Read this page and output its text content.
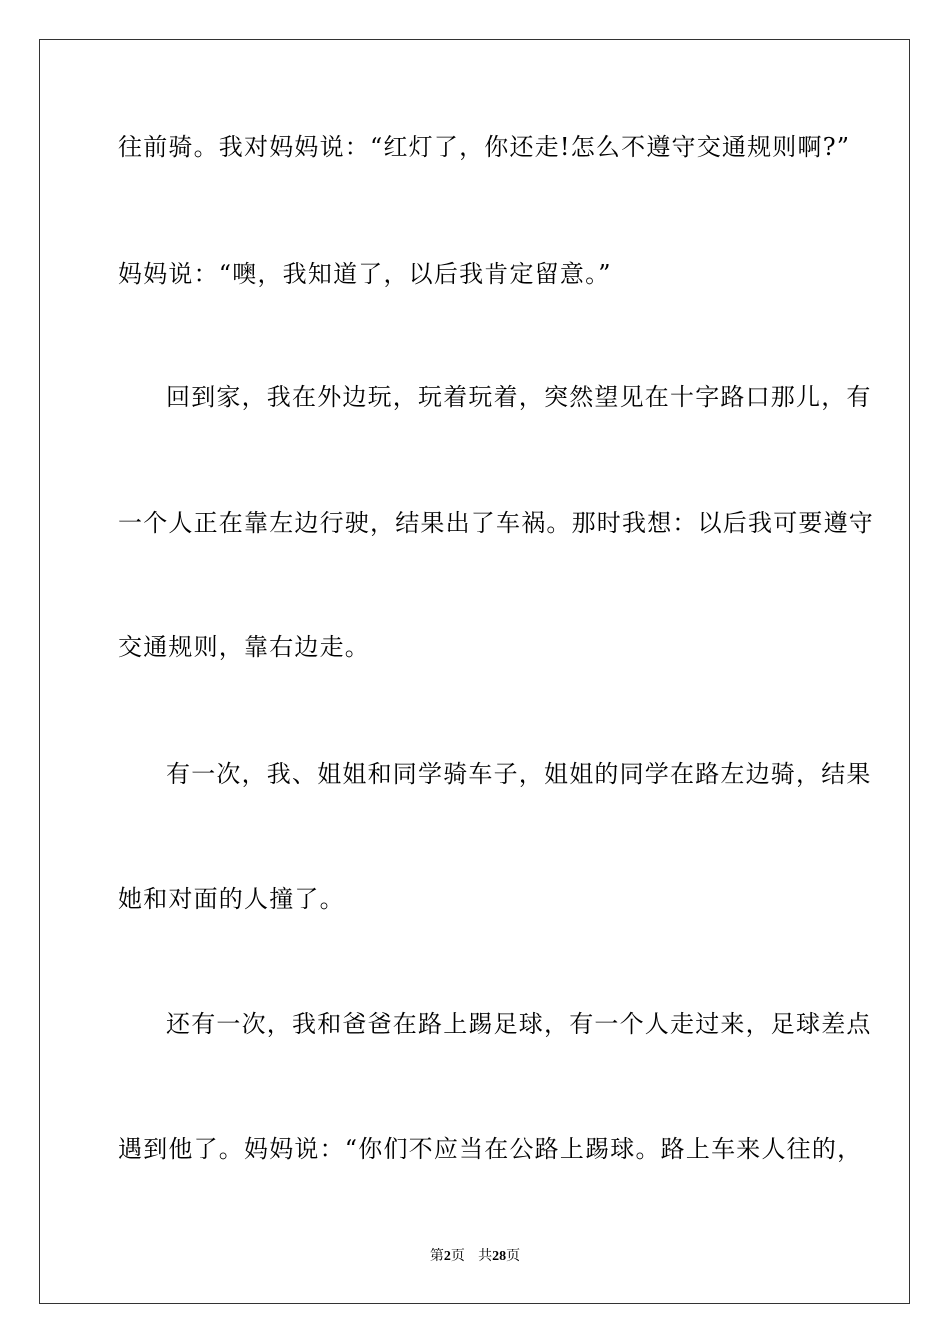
往前骑。我对妈妈说：“红灯了，你还走!怎么不遵守交通规则啊?”
妈妈说：“噢，我知道了，以后我肯定留意。”
回到家，我在外边玩，玩着玩着，突然望见在十字路口那儿，有
一个人正在靠左边行驶，结果出了车祸。那时我想：以后我可要遵守
交通规则，靠右边走。
有一次，我、姐姐和同学骑车子，姐姐的同学在路左边骑，结果
她和对面的人撞了。
还有一次，我和爸爸在路上踢足球，有一个人走过来，足球差点
遇到他了。妈妈说：“你们不应当在公路上踢球。路上车来人往的，
第2页 共28页
